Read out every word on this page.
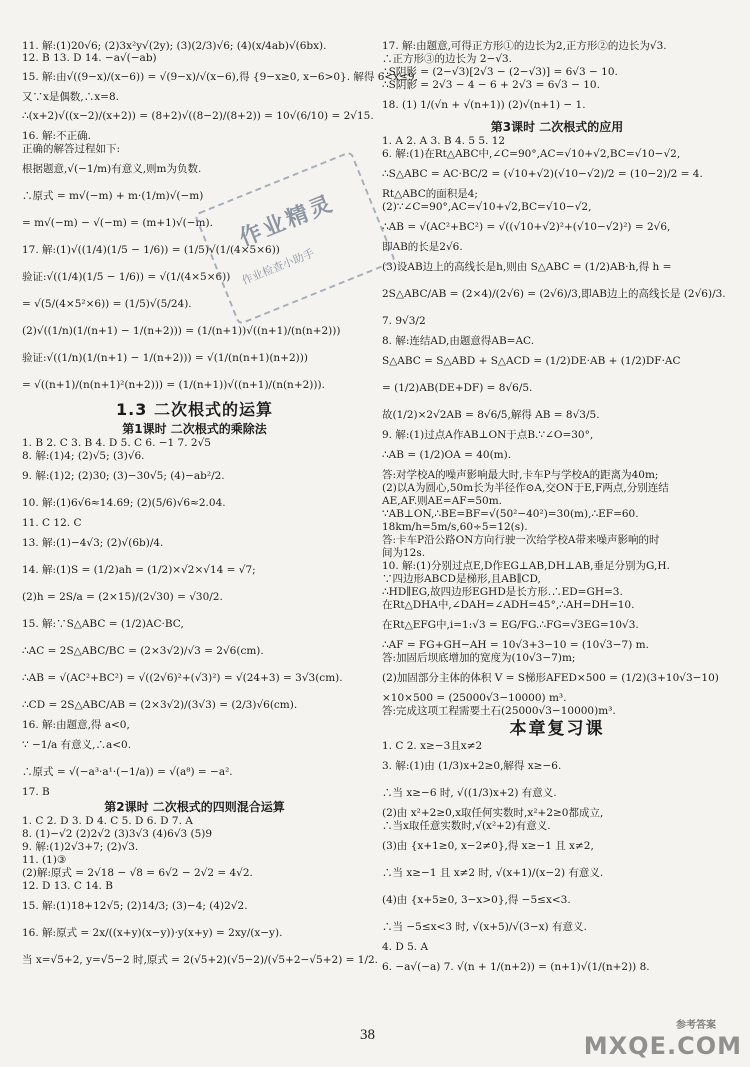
11. 解:(1)20√6; (2)3x²y√(2y); (3)(2/3)√6; (4)(x/4ab)√(6bx).
12. B 13. D 14. −a√(−ab)
15. 解:由√((9−x)/(x−6)) = √(9−x)/√(x−6),得 {9−x≥0, x−6>0}. 解得 6<x≤9,
又∵x是偶数,∴x=8.
∴(x+2)√((x−2)/(x+2)) = (8+2)√((8−2)/(8+2)) = 10√(6/10) = 2√15.
16. 解:不正确.
正确的解答过程如下:
根据题意,√(−1/m)有意义,则m为负数.
∴原式 = m√(−m) + m·(1/m)√(−m)
= m√(−m) − √(−m) = (m+1)√(−m).
17. 解:(1)√((1/4)(1/5 − 1/6)) = (1/5)√(1/(4×5×6))
验证:√((1/4)(1/5 − 1/6)) = √(1/(4×5×6))
= √(5/(4×5²×6)) = (1/5)√(5/24).
(2)√((1/n)(1/(n+1) − 1/(n+2))) = (1/(n+1))√((n+1)/(n(n+2)))
验证:√((1/n)(1/(n+1) − 1/(n+2))) = √(1/(n(n+1)(n+2)))
= √((n+1)/(n(n+1)²(n+2))) = (1/(n+1))√((n+1)/(n(n+2))).
1.3 二次根式的运算
第1课时 二次根式的乘除法
1. B 2. C 3. B 4. D 5. C 6. −1 7. 2√5
8. 解:(1)4; (2)√5; (3)√6.
9. 解:(1)2; (2)30; (3)−30√5; (4)−ab²/2.
10. 解:(1)6√6≈14.69; (2)(5/6)√6≈2.04.
11. C 12. C
13. 解:(1)−4√3; (2)√(6b)/4.
14. 解:(1)S = (1/2)ah = (1/2)×√2×√14 = √7;
(2)h = 2S/a = (2×15)/(2√30) = √30/2.
15. 解:∵S△ABC = (1/2)AC·BC,
∴AC = 2S△ABC/BC = (2×3√2)/√3 = 2√6(cm).
∴AB = √(AC²+BC²) = √((2√6)²+(√3)²) = √(24+3) = 3√3(cm).
∴CD = 2S△ABC/AB = (2×3√2)/(3√3) = (2/3)√6(cm).
16. 解:由题意,得 a<0,
∵ −1/a 有意义,∴a<0.
∴原式 = √(−a³·a¹·(−1/a)) = √(a⁸) = −a².
17. B
第2课时 二次根式的四则混合运算
1. C 2. D 3. D 4. C 5. D 6. D 7. A
8. (1)−√2 (2)2√2 (3)3√3 (4)6√3 (5)9
9. 解:(1)2√3+7; (2)√3.
11. (1)③
(2)解:原式 = 2√18 − √8 = 6√2 − 2√2 = 4√2.
12. D 13. C 14. B
15. 解:(1)18+12√5; (2)14/3; (3)−4; (4)2√2.
16. 解:原式 = 2x/((x+y)(x−y))·y(x+y) = 2xy/(x−y).
当 x=√5+2, y=√5−2 时,原式 = 2(√5+2)(√5−2)/(√5+2−√5+2) = 1/2.
17. 解:由题意,可得正方形①的边长为2,正方形②的边长为√3.
∴正方形③的边长为 2−√3.
∴S阴影 = (2−√3)[2√3 − (2−√3)] = 6√3 − 10.
∴S阴影 = 2√3 − 4 − 6 + 2√3 = 6√3 − 10.
18. (1) 1/(√n + √(n+1)) (2)√(n+1) − 1.
第3课时 二次根式的应用
1. A 2. A 3. B 4. 5 5. 12
6. 解:(1)在Rt△ABC中,∠C=90°,AC=√10+√2,BC=√10−√2,
∴S△ABC = AC·BC/2 = (√10+√2)(√10−√2)/2 = (10−2)/2 = 4.
Rt△ABC的面积是4;
(2)∵∠C=90°,AC=√10+√2,BC=√10−√2,
∴AB = √(AC²+BC²) = √((√10+√2)²+(√10−√2)²) = 2√6,
即AB的长是2√6.
(3)设AB边上的高线长是h,则由 S△ABC = (1/2)AB·h,得 h =
2S△ABC/AB = (2×4)/(2√6) = (2√6)/3,即AB边上的高线长是 (2√6)/3.
7. 9√3/2
8. 解:连结AD,由题意得AB=AC.
S△ABC = S△ABD + S△ACD = (1/2)DE·AB + (1/2)DF·AC
= (1/2)AB(DE+DF) = 8√6/5.
故(1/2)×2√2AB = 8√6/5,解得 AB = 8√3/5.
9. 解:(1)过点A作AB⊥ON于点B.∵∠O=30°,
∴AB = (1/2)OA = 40(m).
答:对学校A的噪声影响最大时,卡车P与学校A的距离为40m;
(2)以A为圆心,50m长为半径作⊙A,交ON于E,F两点,分别连结
AE,AF.则AE=AF=50m.
∵AB⊥ON,∴BE=BF=√(50²−40²)=30(m),∴EF=60.
18km/h=5m/s,60÷5=12(s).
答:卡车P沿公路ON方向行驶一次给学校A带来噪声影响的时
间为12s.
10. 解:(1)分别过点E,D作EG⊥AB,DH⊥AB,垂足分别为G,H.
∵四边形ABCD是梯形,且AB∥CD,
∴HD∥EG,故四边形EGHD是长方形.∴ED=GH=3.
在Rt△DHA中,∠DAH=∠ADH=45°,∴AH=DH=10.
在Rt△EFG中,i=1:√3 = EG/FG.∴FG=√3EG=10√3.
∴AF = FG+GH−AH = 10√3+3−10 = (10√3−7) m.
答:加固后坝底增加的宽度为(10√3−7)m;
(2)加固部分主体的体积 V = S梯形AFED×500 = (1/2)(3+10√3−10)
×10×500 = (25000√3−10000) m³.
答:完成这项工程需要土石(25000√3−10000)m³.
本章复习课
1. C 2. x≥−3且x≠2
3. 解:(1)由 (1/3)x+2≥0,解得 x≥−6.
∴当 x≥−6 时, √((1/3)x+2) 有意义.
(2)由 x²+2≥0,x取任何实数时,x²+2≥0都成立,
∴当x取任意实数时,√(x²+2)有意义.
(3)由 {x+1≥0, x−2≠0},得 x≥−1 且 x≠2,
∴当 x≥−1 且 x≠2 时, √(x+1)/(x−2) 有意义.
(4)由 {x+5≥0, 3−x>0},得 −5≤x<3.
∴当 −5≤x<3 时, √(x+5)/√(3−x) 有意义.
4. D 5. A
6. −a√(−a) 7. √(n + 1/(n+2)) = (n+1)√(1/(n+2)) 8.
作业精灵
作业检查小助手
38
参考答案
MXQE.COM
